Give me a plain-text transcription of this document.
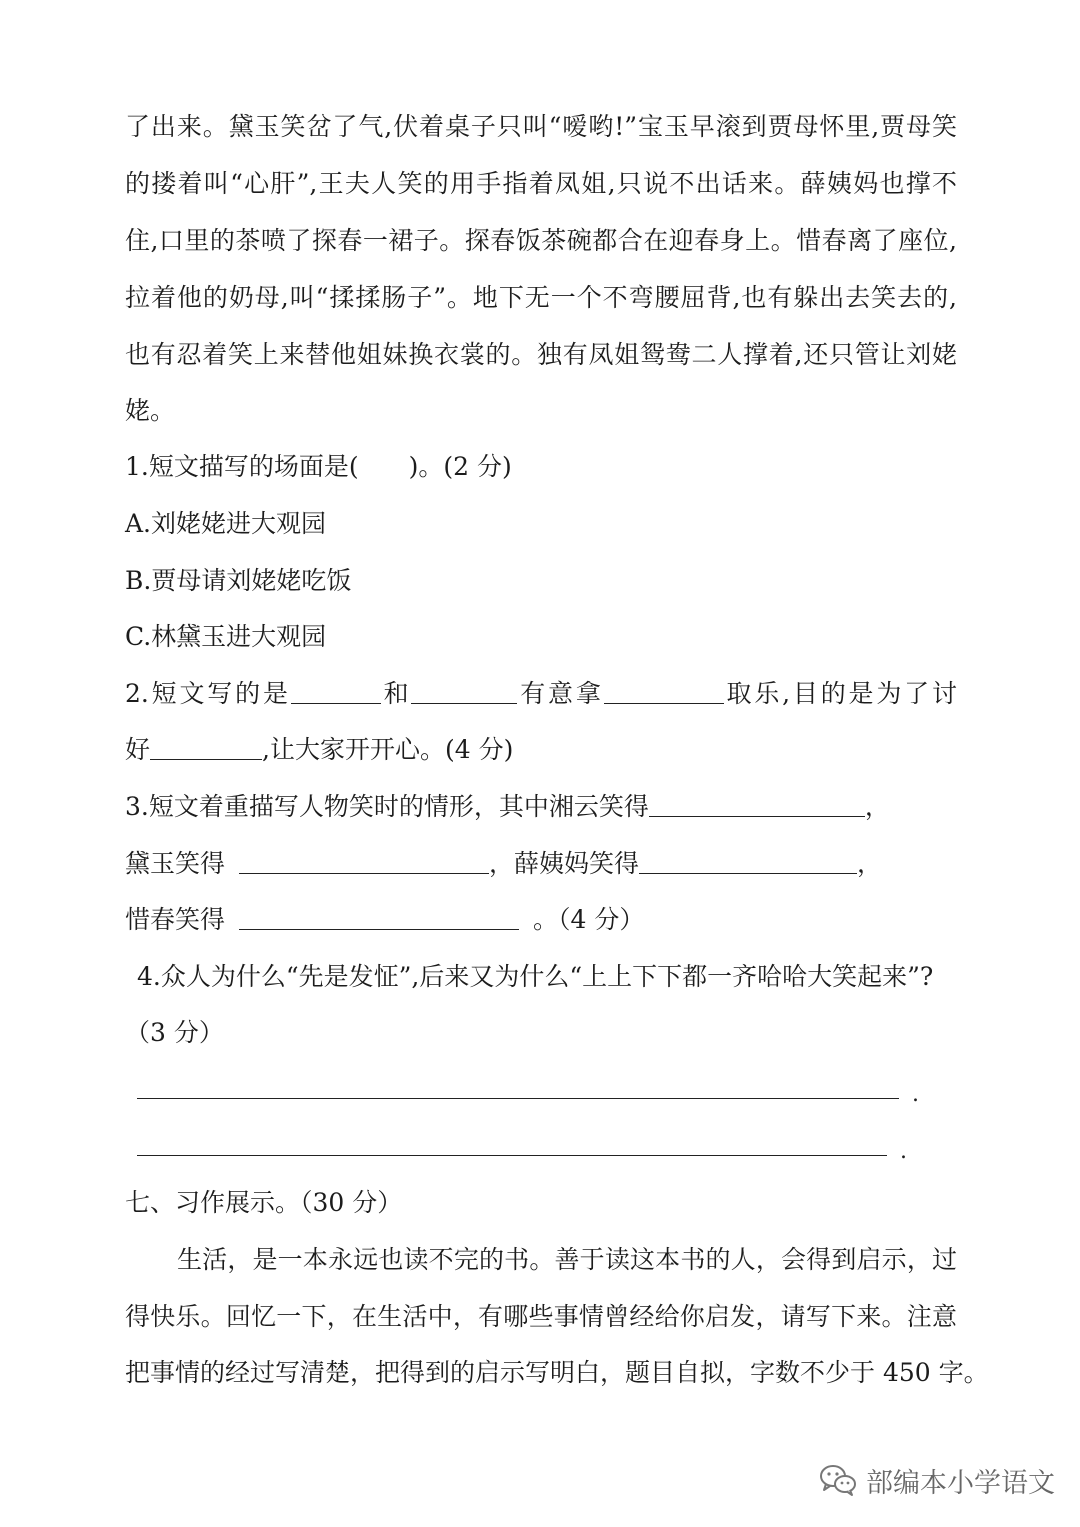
了出来。黛玉笑岔了气,伏着桌子只叫“嗳哟!”宝玉早滚到贾母怀里,贾母笑

的搂着叫“心肝”,王夫人笑的用手指着凤姐,只说不出话来。薛姨妈也撑不

住,口里的茶喷了探春一裙子。探春饭茶碗都合在迎春身上。惜春离了座位,

拉着他的奶母,叫“揉揉肠子”。地下无一个不弯腰屈背,也有躲出去笑去的,

也有忍着笑上来替他姐妹换衣裳的。独有凤姐鸳鸯二人撑着,还只管让刘姥

姥。

1.短文描写的场面是(　　)。(2 分)

A.刘姥姥进大观园

B.贾母请刘姥姥吃饭

C.林黛玉进大观园

2.短文写的是	和	有意拿	取乐,目的是为了讨

好	,让大家开开心。(4 分)

3.短文着重描写人物笑时的情形，其中湘云笑得	，

黛玉笑得	，薛姨妈笑得	，

惜春笑得	。（4 分）

4.众人为什么“先是发怔”,后来又为什么“上上下下都一齐哈哈大笑起来”?

（3 分）

.
.

七、习作展示。（30 分）

生活，是一本永远也读不完的书。善于读这本书的人，会得到启示，过

得快乐。回忆一下，在生活中，有哪些事情曾经给你启发，请写下来。注意

把事情的经过写清楚，把得到的启示写明白，题目自拟，字数不少于 450 字。

部编本小学语文
